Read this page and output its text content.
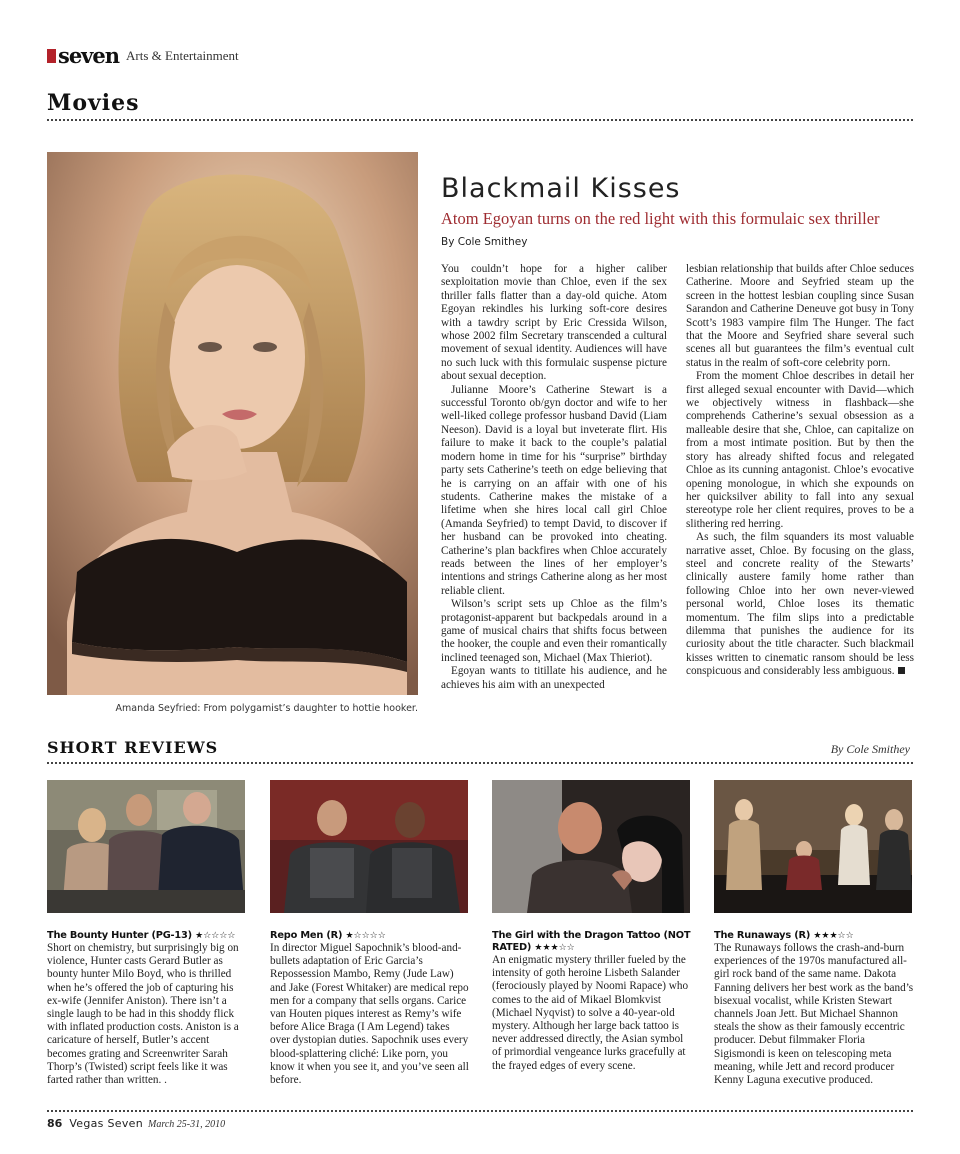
seven Arts & Entertainment
Movies
Amanda Seyfried: From polygamist’s daughter to hottie hooker.
Blackmail Kisses
Atom Egoyan turns on the red light with this formulaic sex thriller
By Cole Smithey

You couldn’t hope for a higher caliber sexploitation movie than Chloe, even if the sex thriller falls flatter than a day-old quiche. Atom Egoyan rekindles his lurking soft-core desires with a tawdry script by Eric Cressida Wilson, whose 2002 film Secretary transcended a cultural movement of sexual identity. Audiences will have no such luck with this formulaic suspense picture about sexual deception.

Julianne Moore’s Catherine Stewart is a successful Toronto ob/gyn doctor and wife to her well-liked college professor husband David (Liam Neeson). David is a loyal but inveterate flirt. His failure to make it back to the couple’s palatial modern home in time for his “surprise” birthday party sets Catherine’s teeth on edge believing that he is carrying on an affair with one of his students. Catherine makes the mistake of a lifetime when she hires local call girl Chloe (Amanda Seyfried) to tempt David, to discover if her husband can be provoked into cheating. Catherine’s plan backfires when Chloe accurately reads between the lines of her employer’s intentions and strings Catherine along as her most reliable client.

Wilson’s script sets up Chloe as the film’s protagonist-apparent but backpedals around in a game of musical chairs that shifts focus between the hooker, the couple and even their romantically inclined teenaged son, Michael (Max Thieriot).

Egoyan wants to titillate his audience, and he achieves his aim with an unexpected

lesbian relationship that builds after Chloe seduces Catherine. Moore and Seyfried steam up the screen in the hottest lesbian coupling since Susan Sarandon and Catherine Deneuve got busy in Tony Scott’s 1983 vampire film The Hunger. The fact that the Moore and Seyfried share several such scenes all but guarantees the film’s eventual cult status in the realm of soft-core celebrity porn.

From the moment Chloe describes in detail her first alleged sexual encounter with David—which we objectively witness in flashback—she comprehends Catherine’s sexual obsession as a malleable desire that she, Chloe, can capitalize on from a most intimate position. But by then the story has already shifted focus and relegated Chloe as its cunning antagonist. Chloe’s evocative opening monologue, in which she expounds on her quicksilver ability to fall into any sexual stereotype role her client requires, proves to be a slithering red herring.

As such, the film squanders its most valuable narrative asset, Chloe. By focusing on the glass, steel and concrete reality of the Stewarts’ clinically austere family home rather than following Chloe into her own never-viewed personal world, Chloe loses its thematic momentum. The film slips into a predictable dilemma that punishes the audience for its curiosity about the title character. Such blackmail kisses written to cinematic ransom should be less conspicuous and considerably less ambiguous.

SHORT REVIEWS	By Cole Smithey
The Bounty Hunter (PG-13) ★☆☆☆☆
Short on chemistry, but surprisingly big on violence, Hunter casts Gerard Butler as bounty hunter Milo Boyd, who is thrilled when he’s offered the job of capturing his ex-wife (Jennifer Aniston). There isn’t a single laugh to be had in this shoddy flick with inflated production costs. Aniston is a caricature of herself, Butler’s accent becomes grating and Screenwriter Sarah Thorp’s (Twisted) script feels like it was farted rather than written. .
Repo Men (R) ★☆☆☆☆
In director Miguel Sapochnik’s blood-and-bullets adaptation of Eric Garcia’s Repossession Mambo, Remy (Jude Law) and Jake (Forest Whitaker) are medical repo men for a company that sells organs. Carice van Houten piques interest as Remy’s wife before Alice Braga (I Am Legend) takes over dystopian duties. Sapochnik uses every blood-splattering cliché: Like porn, you know it when you see it, and you’ve seen all before.
The Girl with the Dragon Tattoo (NOT RATED) ★★★☆☆
An enigmatic mystery thriller fueled by the intensity of goth heroine Lisbeth Salander (ferociously played by Noomi Rapace) who comes to the aid of Mikael Blomkvist (Michael Nyqvist) to solve a 40-year-old mystery. Although her large back tattoo is never addressed directly, the Asian symbol of primordial vengeance lurks gracefully at the frayed edges of every scene.
The Runaways (R) ★★★☆☆
The Runaways follows the crash-and-burn experiences of the 1970s manufactured all-girl rock band of the same name. Dakota Fanning delivers her best work as the band’s bisexual vocalist, while Kristen Stewart channels Joan Jett. But Michael Shannon steals the show as their famously eccentric producer. Debut filmmaker Floria Sigismondi is keen on telescoping meta meaning, while Jett and record producer Kenny Laguna executive produced.
86 Vegas Seven March 25-31, 2010
